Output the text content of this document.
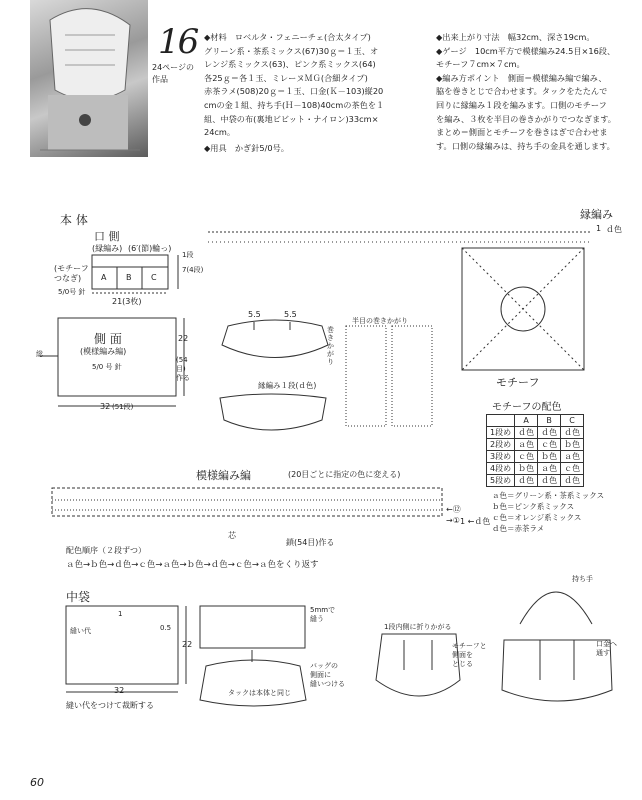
16
24ページの
作品
◆材料　ロベルタ・フェニーチェ(合太タイプ)
グリーン系・茶系ミックス(67)30ｇ＝１玉、オ
レンジ系ミックス(63)、ピンク系ミックス(64)
各25ｇ＝各１玉、ミレーヌＭＧ(合細タイプ)
赤茶ラメ(508)20ｇ＝１玉、口金(Ｋ－103)縦20
cmの金１組、持ち手(Ｈ－108)40cmの茶色を１
組、中袋の布(裏地ビビット・ナイロン)33cm×
24cm。
◆用具　かぎ針5/0号。
◆出来上がり寸法　幅32cm、深さ19cm。
◆ゲージ　10cm平方で模様編み24.5目×16段、
モチーフ７cm×７cm。
◆編み方ポイント　側面＝模様編み編で編み、
脇を巻きとじで合わせます。タックをたたんで
回りに縁編み１段を編みます。口側のモチーフ
を編み、３枚を半目の巻きかがりでつなぎます。
まとめ＝側面とモチーフを巻きはぎで合わせま
す。口側の縁編みは、持ち手の金具を通します。
本 体
口 側
(縁編み) (6′(節)輪っ)
(モチーフ
つなぎ)
5/0号 針
A B C
21(3枚)
1段
7(4段)
側 面
(模様編み編)
5/0 号 針
総
22
(54目)作る
32 (51段)
5.5	5.5
巻きかがり
縁編み１段(ｄ色)
半目の巻きかがり
縁編み
1 ｄ色
モチーフ
モチーフの配色
	A	B	C
1段め	ｄ色	ｄ色	ｄ色
2段め	ａ色	ｃ色	ｂ色
3段め	ｃ色	ｂ色	ａ色
4段め	ｂ色	ａ色	ｃ色
5段め	ｄ色	ｄ色	ｄ色
模様編み編	(20目ごとに指定の色に変える)
←⑫
→① 1 ←ｄ色
芯
鎖(54目)作る
ａ色＝グリーン系・茶系ミックス
ｂ色＝ピンク系ミックス
ｃ色＝オレンジ系ミックス
ｄ色＝赤茶ラメ
配色順序（２段ずつ）
ａ色→ｂ色→ｄ色→ｃ色→ａ色→ｂ色→ｄ色→ｃ色→ａ色をくり返す
中袋
1
縫い代	0.5
22
32
縫い代をつけて裁断する
5mmで
縫う
タックは本体と同じ
バッグの
側面に
縫いつける
1段内側に折りかがる
モチーフと
側面を
とじる
持ち手
口金へ
通す
60
